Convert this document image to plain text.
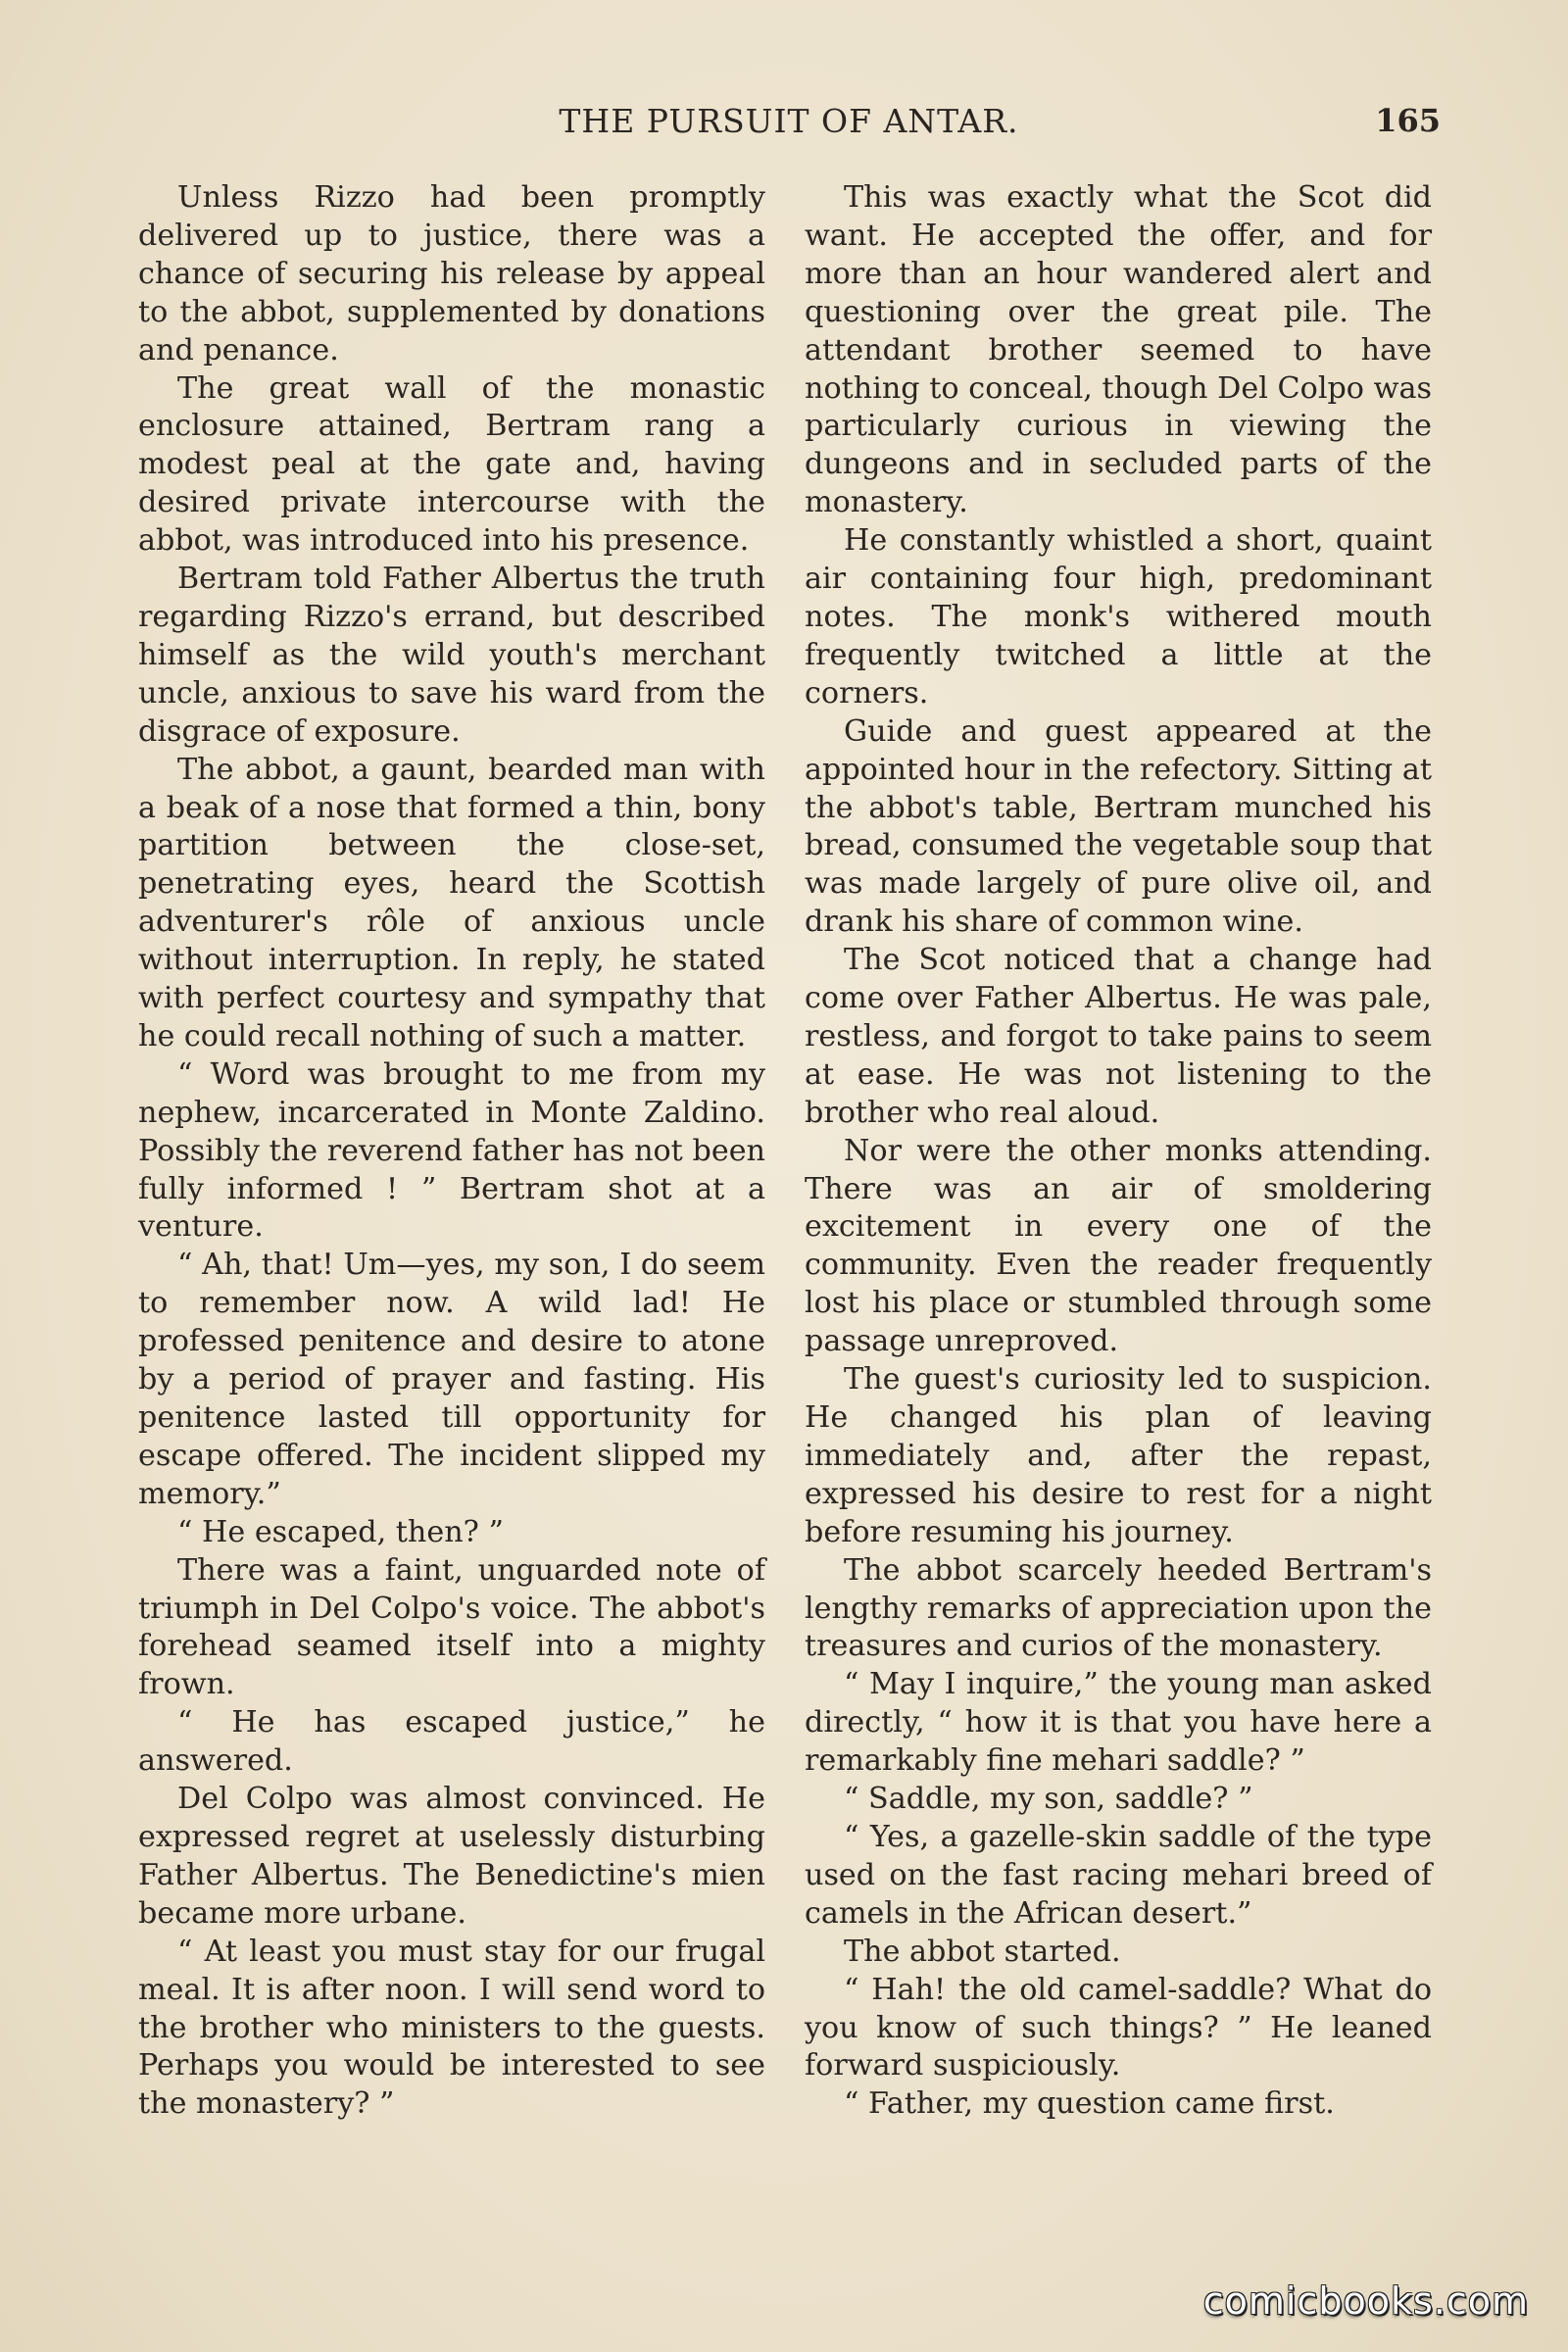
THE PURSUIT OF ANTAR.	165

Unless Rizzo had been promptly delivered up to justice, there was a chance of securing his release by appeal to the abbot, supplemented by donations and penance.

The great wall of the monastic enclosure attained, Bertram rang a modest peal at the gate and, having desired private intercourse with the abbot, was introduced into his presence.

Bertram told Father Albertus the truth regarding Rizzo's errand, but described himself as the wild youth's merchant uncle, anxious to save his ward from the disgrace of exposure.

The abbot, a gaunt, bearded man with a beak of a nose that formed a thin, bony partition between the close-set, penetrating eyes, heard the Scottish adventurer's rôle of anxious uncle without interruption. In reply, he stated with perfect courtesy and sympathy that he could recall nothing of such a matter.

“ Word was brought to me from my nephew, incarcerated in Monte Zaldino. Possibly the reverend father has not been fully informed ! ” Bertram shot at a venture.

“ Ah, that! Um—yes, my son, I do seem to remember now. A wild lad! He professed penitence and desire to atone by a period of prayer and fasting. His penitence lasted till opportunity for escape offered. The incident slipped my memory.”

“ He escaped, then? ”

There was a faint, unguarded note of triumph in Del Colpo's voice. The abbot's forehead seamed itself into a mighty frown.

“ He has escaped justice,” he answered.

Del Colpo was almost convinced. He expressed regret at uselessly disturbing Father Albertus. The Benedictine's mien became more urbane.

“ At least you must stay for our frugal meal. It is after noon. I will send word to the brother who ministers to the guests. Perhaps you would be interested to see the monastery? ”

This was exactly what the Scot did want. He accepted the offer, and for more than an hour wandered alert and questioning over the great pile. The attendant brother seemed to have nothing to conceal, though Del Colpo was particularly curious in viewing the dungeons and in secluded parts of the monastery.

He constantly whistled a short, quaint air containing four high, predominant notes. The monk's withered mouth frequently twitched a little at the corners.

Guide and guest appeared at the appointed hour in the refectory. Sitting at the abbot's table, Bertram munched his bread, consumed the vegetable soup that was made largely of pure olive oil, and drank his share of common wine.

The Scot noticed that a change had come over Father Albertus. He was pale, restless, and forgot to take pains to seem at ease. He was not listening to the brother who real aloud.

Nor were the other monks attending. There was an air of smoldering excitement in every one of the community. Even the reader frequently lost his place or stumbled through some passage unreproved.

The guest's curiosity led to suspicion. He changed his plan of leaving immediately and, after the repast, expressed his desire to rest for a night before resuming his journey.

The abbot scarcely heeded Bertram's lengthy remarks of appreciation upon the treasures and curios of the monastery.

“ May I inquire,” the young man asked directly, “ how it is that you have here a remarkably fine mehari saddle? ”

“ Saddle, my son, saddle? ”

“ Yes, a gazelle-skin saddle of the type used on the fast racing mehari breed of camels in the African desert.”

The abbot started.

“ Hah! the old camel-saddle? What do you know of such things? ” He leaned forward suspiciously.

“ Father, my question came first.

comicbooks.com
